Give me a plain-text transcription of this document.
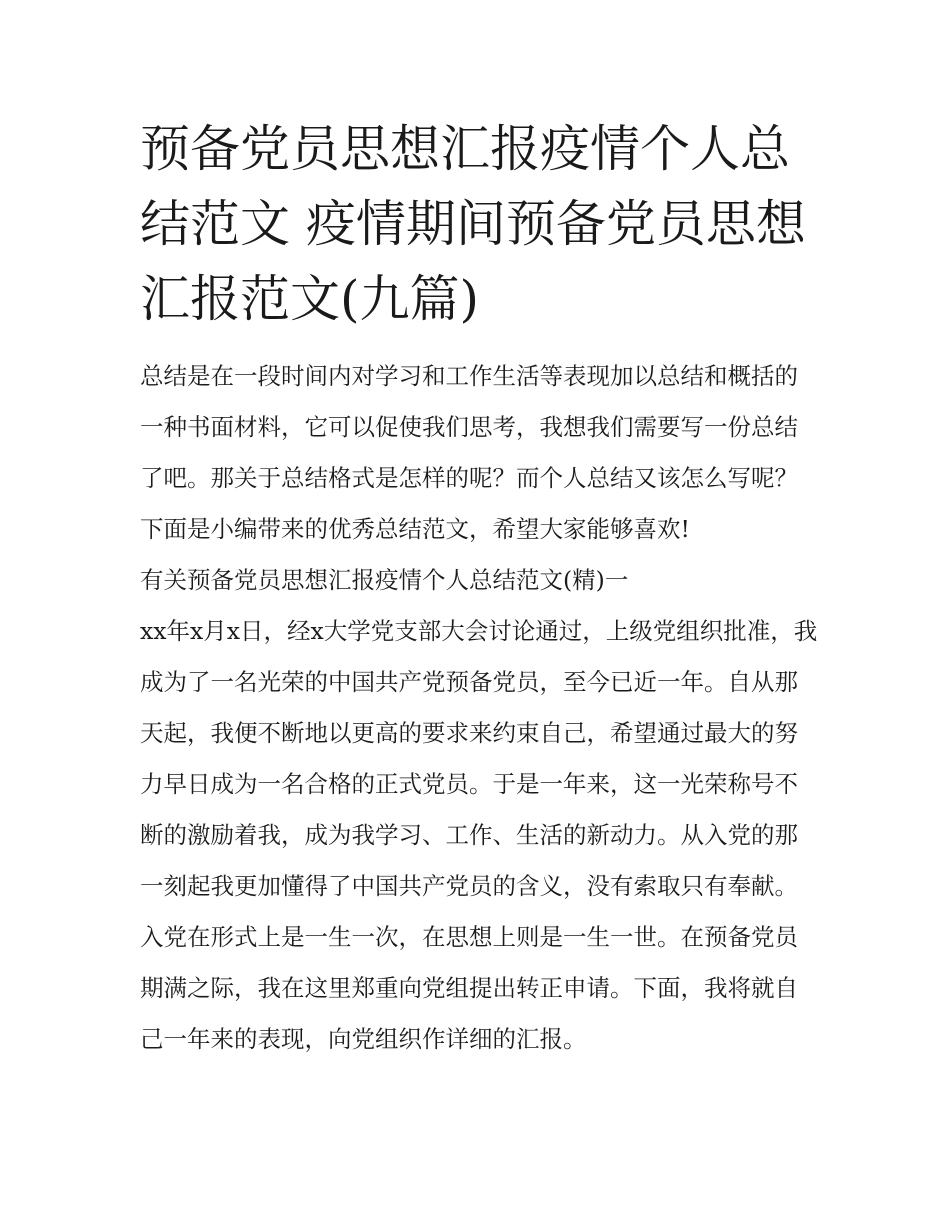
预备党员思想汇报疫情个人总结范文 疫情期间预备党员思想汇报范文(九篇)

总结是在一段时间内对学习和工作生活等表现加以总结和概括的一种书面材料，它可以促使我们思考，我想我们需要写一份总结了吧。那关于总结格式是怎样的呢？而个人总结又该怎么写呢？下面是小编带来的优秀总结范文，希望大家能够喜欢!

有关预备党员思想汇报疫情个人总结范文(精)一

xx年x月x日，经x大学党支部大会讨论通过，上级党组织批准，我成为了一名光荣的中国共产党预备党员，至今已近一年。自从那天起，我便不断地以更高的要求来约束自己，希望通过最大的努力早日成为一名合格的正式党员。于是一年来，这一光荣称号不断的激励着我，成为我学习、工作、生活的新动力。从入党的那一刻起我更加懂得了中国共产党员的含义，没有索取只有奉献。入党在形式上是一生一次，在思想上则是一生一世。在预备党员期满之际，我在这里郑重向党组提出转正申请。下面，我将就自己一年来的表现，向党组织作详细的汇报。
